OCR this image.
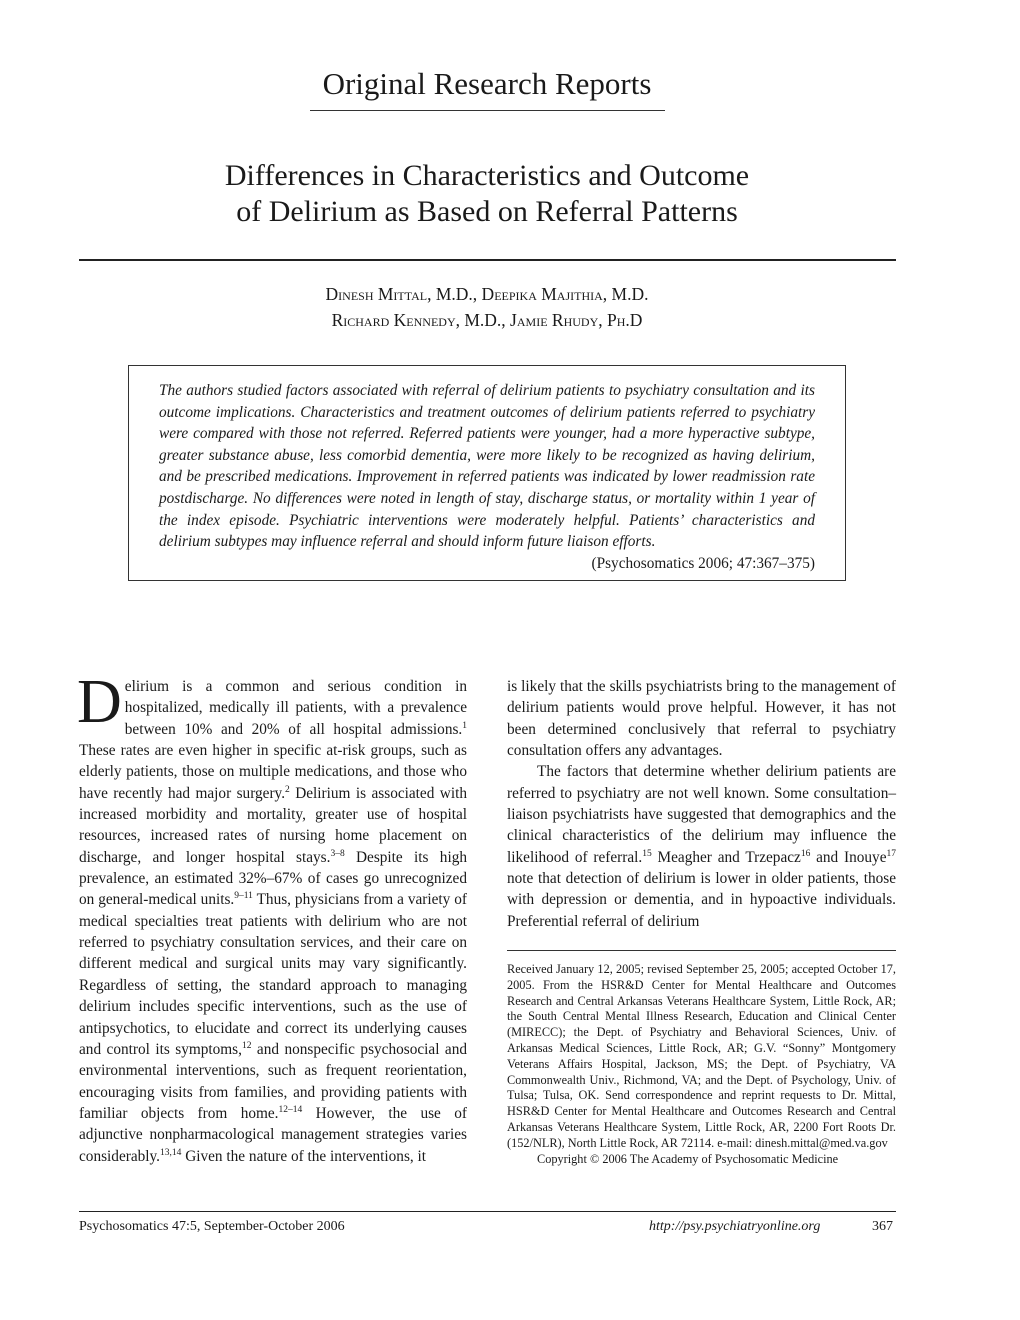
Original Research Reports
Differences in Characteristics and Outcome
of Delirium as Based on Referral Patterns
Dinesh Mittal, M.D., Deepika Majithia, M.D.
Richard Kennedy, M.D., Jamie Rhudy, Ph.D
The authors studied factors associated with referral of delirium patients to psychiatry consultation and its outcome implications. Characteristics and treatment outcomes of delirium patients referred to psychiatry were compared with those not referred. Referred patients were younger, had a more hyperactive subtype, greater substance abuse, less comorbid dementia, were more likely to be recognized as having delirium, and be prescribed medications. Improvement in referred patients was indicated by lower readmission rate postdischarge. No differences were noted in length of stay, discharge status, or mortality within 1 year of the index episode. Psychiatric interventions were moderately helpful. Patients’ characteristics and delirium subtypes may influence referral and should inform future liaison efforts.
(Psychosomatics 2006; 47:367–375)

Delirium is a common and serious condition in hospitalized, medically ill patients, with a prevalence between 10% and 20% of all hospital admissions.$^1$ These rates are even higher in specific at-risk groups, such as elderly patients, those on multiple medications, and those who have recently had major surgery.$^2$ Delirium is associated with increased morbidity and mortality, greater use of hospital resources, increased rates of nursing home placement on discharge, and longer hospital stays.$^{3-8}$ Despite its high prevalence, an estimated 32%–67% of cases go unrecognized on general-medical units.$^{9-11}$ Thus, physicians from a variety of medical specialties treat patients with delirium who are not referred to psychiatry consultation services, and their care on different medical and surgical units may vary significantly. Regardless of setting, the standard approach to managing delirium includes specific interventions, such as the use of antipsychotics, to elucidate and correct its underlying causes and control its symptoms,$^{12}$ and nonspecific psychosocial and environmental interventions, such as frequent reorientation, encouraging visits from families, and providing patients with familiar objects from home.$^{12-14}$ However, the use of adjunctive nonpharmacological management strategies varies considerably.$^{13,14}$ Given the nature of the interventions, it

is likely that the skills psychiatrists bring to the management of delirium patients would prove helpful. However, it has not been determined conclusively that referral to psychiatry consultation offers any advantages.

The factors that determine whether delirium patients are referred to psychiatry are not well known. Some consultation–liaison psychiatrists have suggested that demographics and the clinical characteristics of the delirium may influence the likelihood of referral.$^{15}$ Meagher and Trzepacz$^{16}$ and Inouye$^{17}$ note that detection of delirium is lower in older patients, those with depression or dementia, and in hypoactive individuals. Preferential referral of delirium

Received January 12, 2005; revised September 25, 2005; accepted October 17, 2005. From the HSR&D Center for Mental Healthcare and Outcomes Research and Central Arkansas Veterans Healthcare System, Little Rock, AR; the South Central Mental Illness Research, Education and Clinical Center (MIRECC); the Dept. of Psychiatry and Behavioral Sciences, Univ. of Arkansas Medical Sciences, Little Rock, AR; G.V. “Sonny” Montgomery Veterans Affairs Hospital, Jackson, MS; the Dept. of Psychiatry, VA Commonwealth Univ., Richmond, VA; and the Dept. of Psychology, Univ. of Tulsa; Tulsa, OK. Send correspondence and reprint requests to Dr. Mittal, HSR&D Center for Mental Healthcare and Outcomes Research and Central Arkansas Veterans Healthcare System, Little Rock, AR, 2200 Fort Roots Dr. (152/NLR), North Little Rock, AR 72114. e-mail: dinesh.mittal@med.va.gov

Copyright © 2006 The Academy of Psychosomatic Medicine

Psychosomatics 47:5, September-October 2006	http://psy.psychiatryonline.org	367
